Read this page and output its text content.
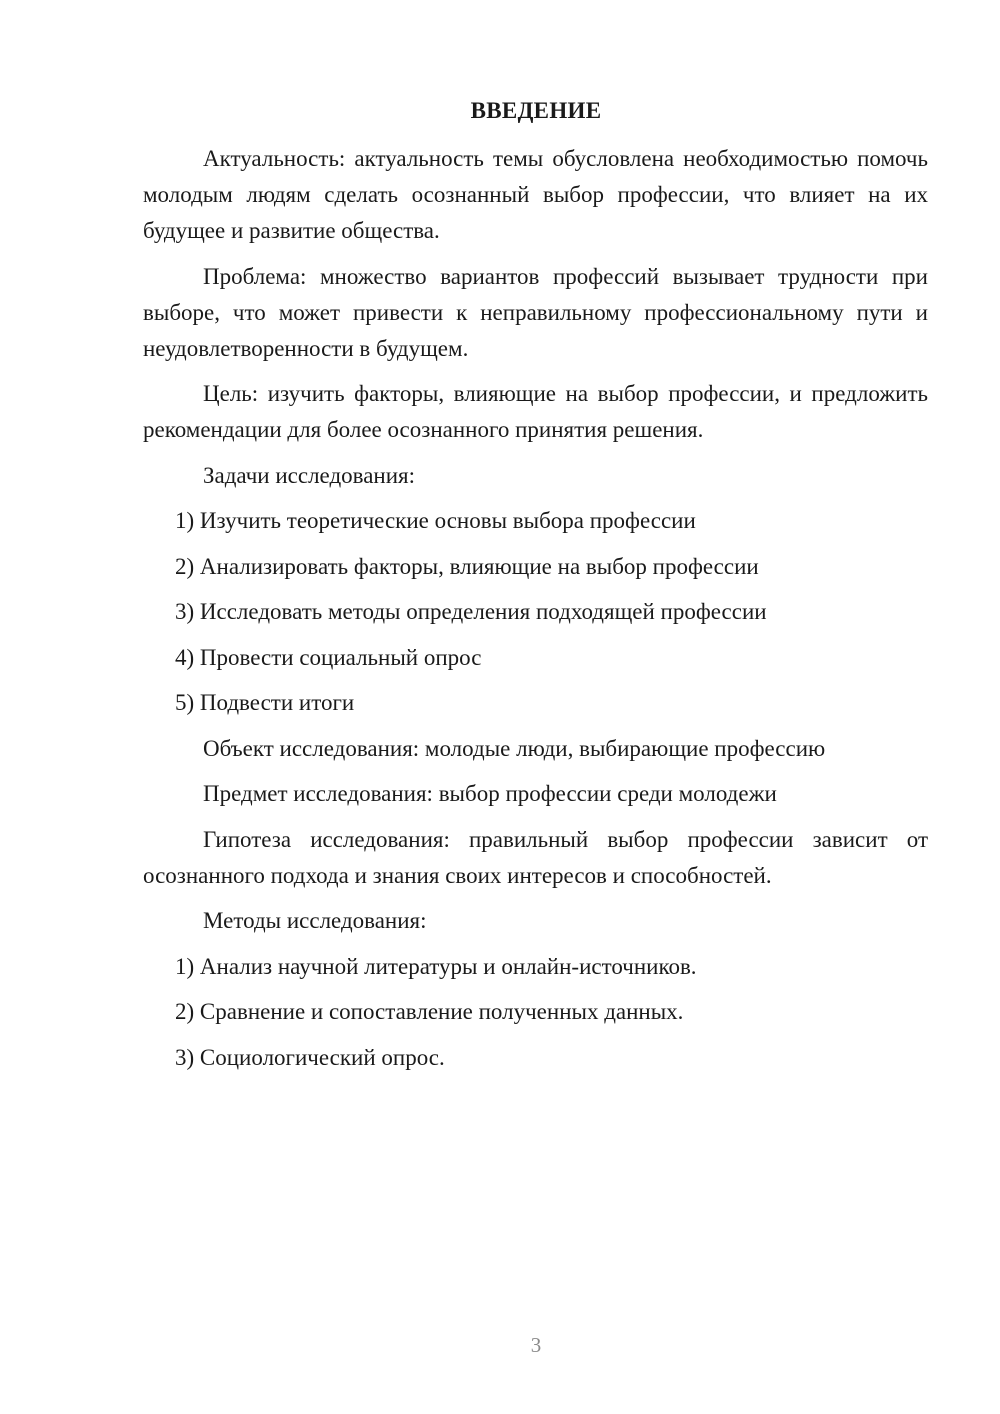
ВВЕДЕНИЕ

Актуальность: актуальность темы обусловлена необходимостью помочь молодым людям сделать осознанный выбор профессии, что влияет на их будущее и развитие общества.

Проблема: множество вариантов профессий вызывает трудности при выборе, что может привести к неправильному профессиональному пути и неудовлетворенности в будущем.

Цель: изучить факторы, влияющие на выбор профессии, и предложить рекомендации для более осознанного принятия решения.

Задачи исследования:

1) Изучить теоретические основы выбора профессии

2) Анализировать факторы, влияющие на выбор профессии

3) Исследовать методы определения подходящей профессии

4) Провести социальный опрос

5) Подвести итоги

Объект исследования: молодые люди, выбирающие профессию

Предмет исследования: выбор профессии среди молодежи

Гипотеза исследования: правильный выбор профессии зависит от осознанного подхода и знания своих интересов и способностей.

Методы исследования:

1) Анализ научной литературы и онлайн-источников.

2) Сравнение и сопоставление полученных данных.

3) Социологический опрос.

3
